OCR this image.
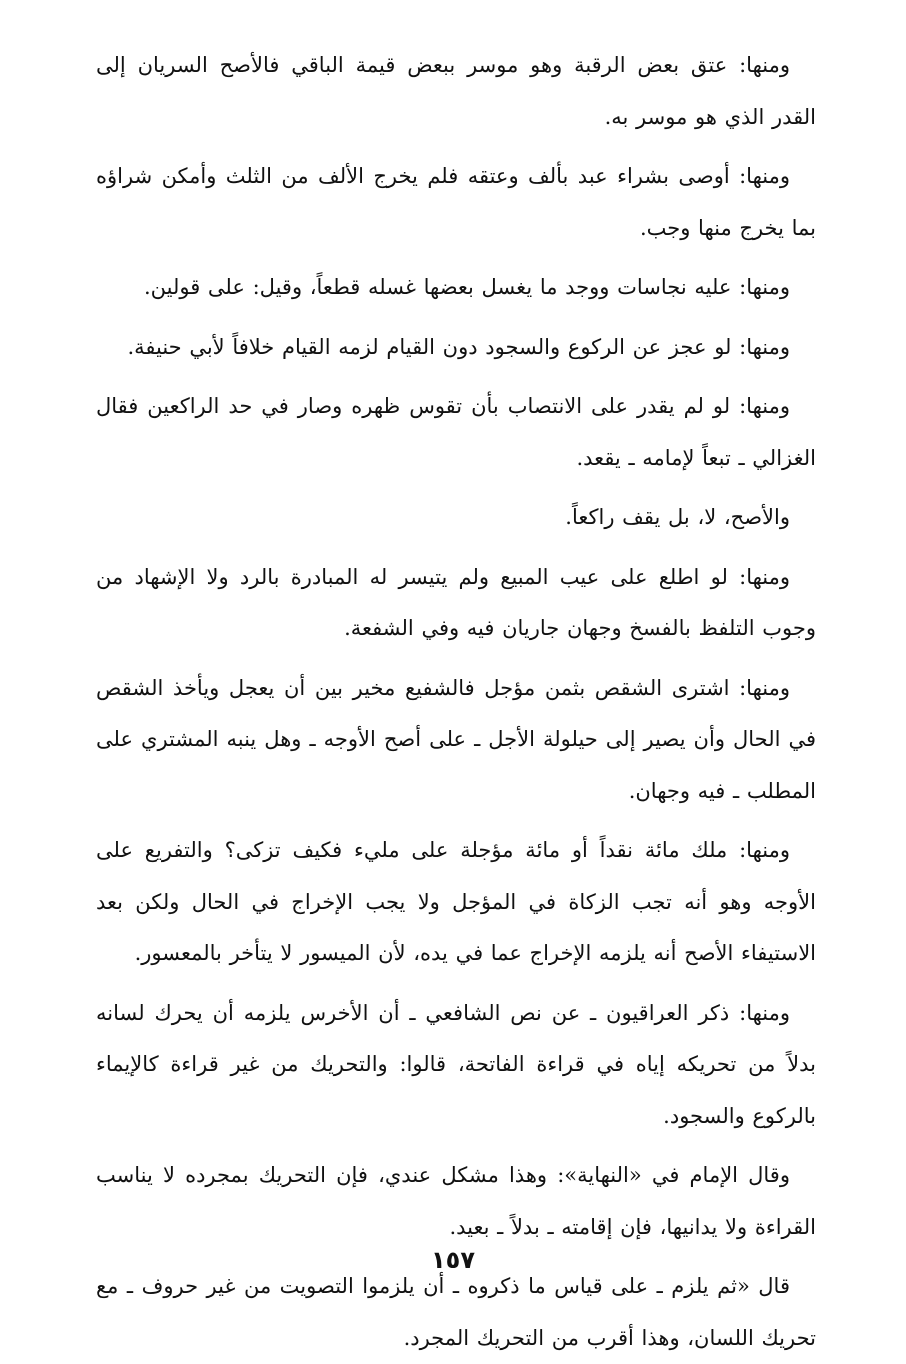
ومنها: عتق بعض الرقبة وهو موسر ببعض قيمة الباقي فالأصح السريان إلى القدر الذي هو موسر به.

ومنها: أوصى بشراء عبد بألف وعتقه فلم يخرج الألف من الثلث وأمكن شراؤه بما يخرج منها وجب.

ومنها: عليه نجاسات ووجد ما يغسل بعضها غسله قطعاً، وقيل: على قولين.

ومنها: لو عجز عن الركوع والسجود دون القيام لزمه القيام خلافاً لأبي حنيفة.

ومنها: لو لم يقدر على الانتصاب بأن تقوس ظهره وصار في حد الراكعين فقال الغزالي ـ تبعاً لإمامه ـ يقعد.

والأصح، لا، بل يقف راكعاً.

ومنها: لو اطلع على عيب المبيع ولم يتيسر له المبادرة بالرد ولا الإشهاد من وجوب التلفظ بالفسخ وجهان جاريان فيه وفي الشفعة.

ومنها: اشترى الشقص بثمن مؤجل فالشفيع مخير بين أن يعجل ويأخذ الشقص في الحال وأن يصير إلى حيلولة الأجل ـ على أصح الأوجه ـ وهل ينبه المشتري على المطلب ـ فيه وجهان.

ومنها: ملك مائة نقداً أو مائة مؤجلة على مليء فكيف تزكى؟ والتفريع على الأوجه وهو أنه تجب الزكاة في المؤجل ولا يجب الإخراج في الحال ولكن بعد الاستيفاء الأصح أنه يلزمه الإخراج عما في يده، لأن الميسور لا يتأخر بالمعسور.

ومنها: ذكر العراقيون ـ عن نص الشافعي ـ أن الأخرس يلزمه أن يحرك لسانه بدلاً من تحريكه إياه في قراءة الفاتحة، قالوا: والتحريك من غير قراءة كالإيماء بالركوع والسجود.

وقال الإمام في «النهاية»: وهذا مشكل عندي، فإن التحريك بمجرده لا يناسب القراءة ولا يدانيها، فإن إقامته ـ بدلاً ـ بعيد.

قال «ثم يلزم ـ على قياس ما ذكروه ـ أن يلزموا التصويت من غير حروف ـ مع تحريك اللسان، وهذا أقرب من التحريك المجرد.

١٥٧
